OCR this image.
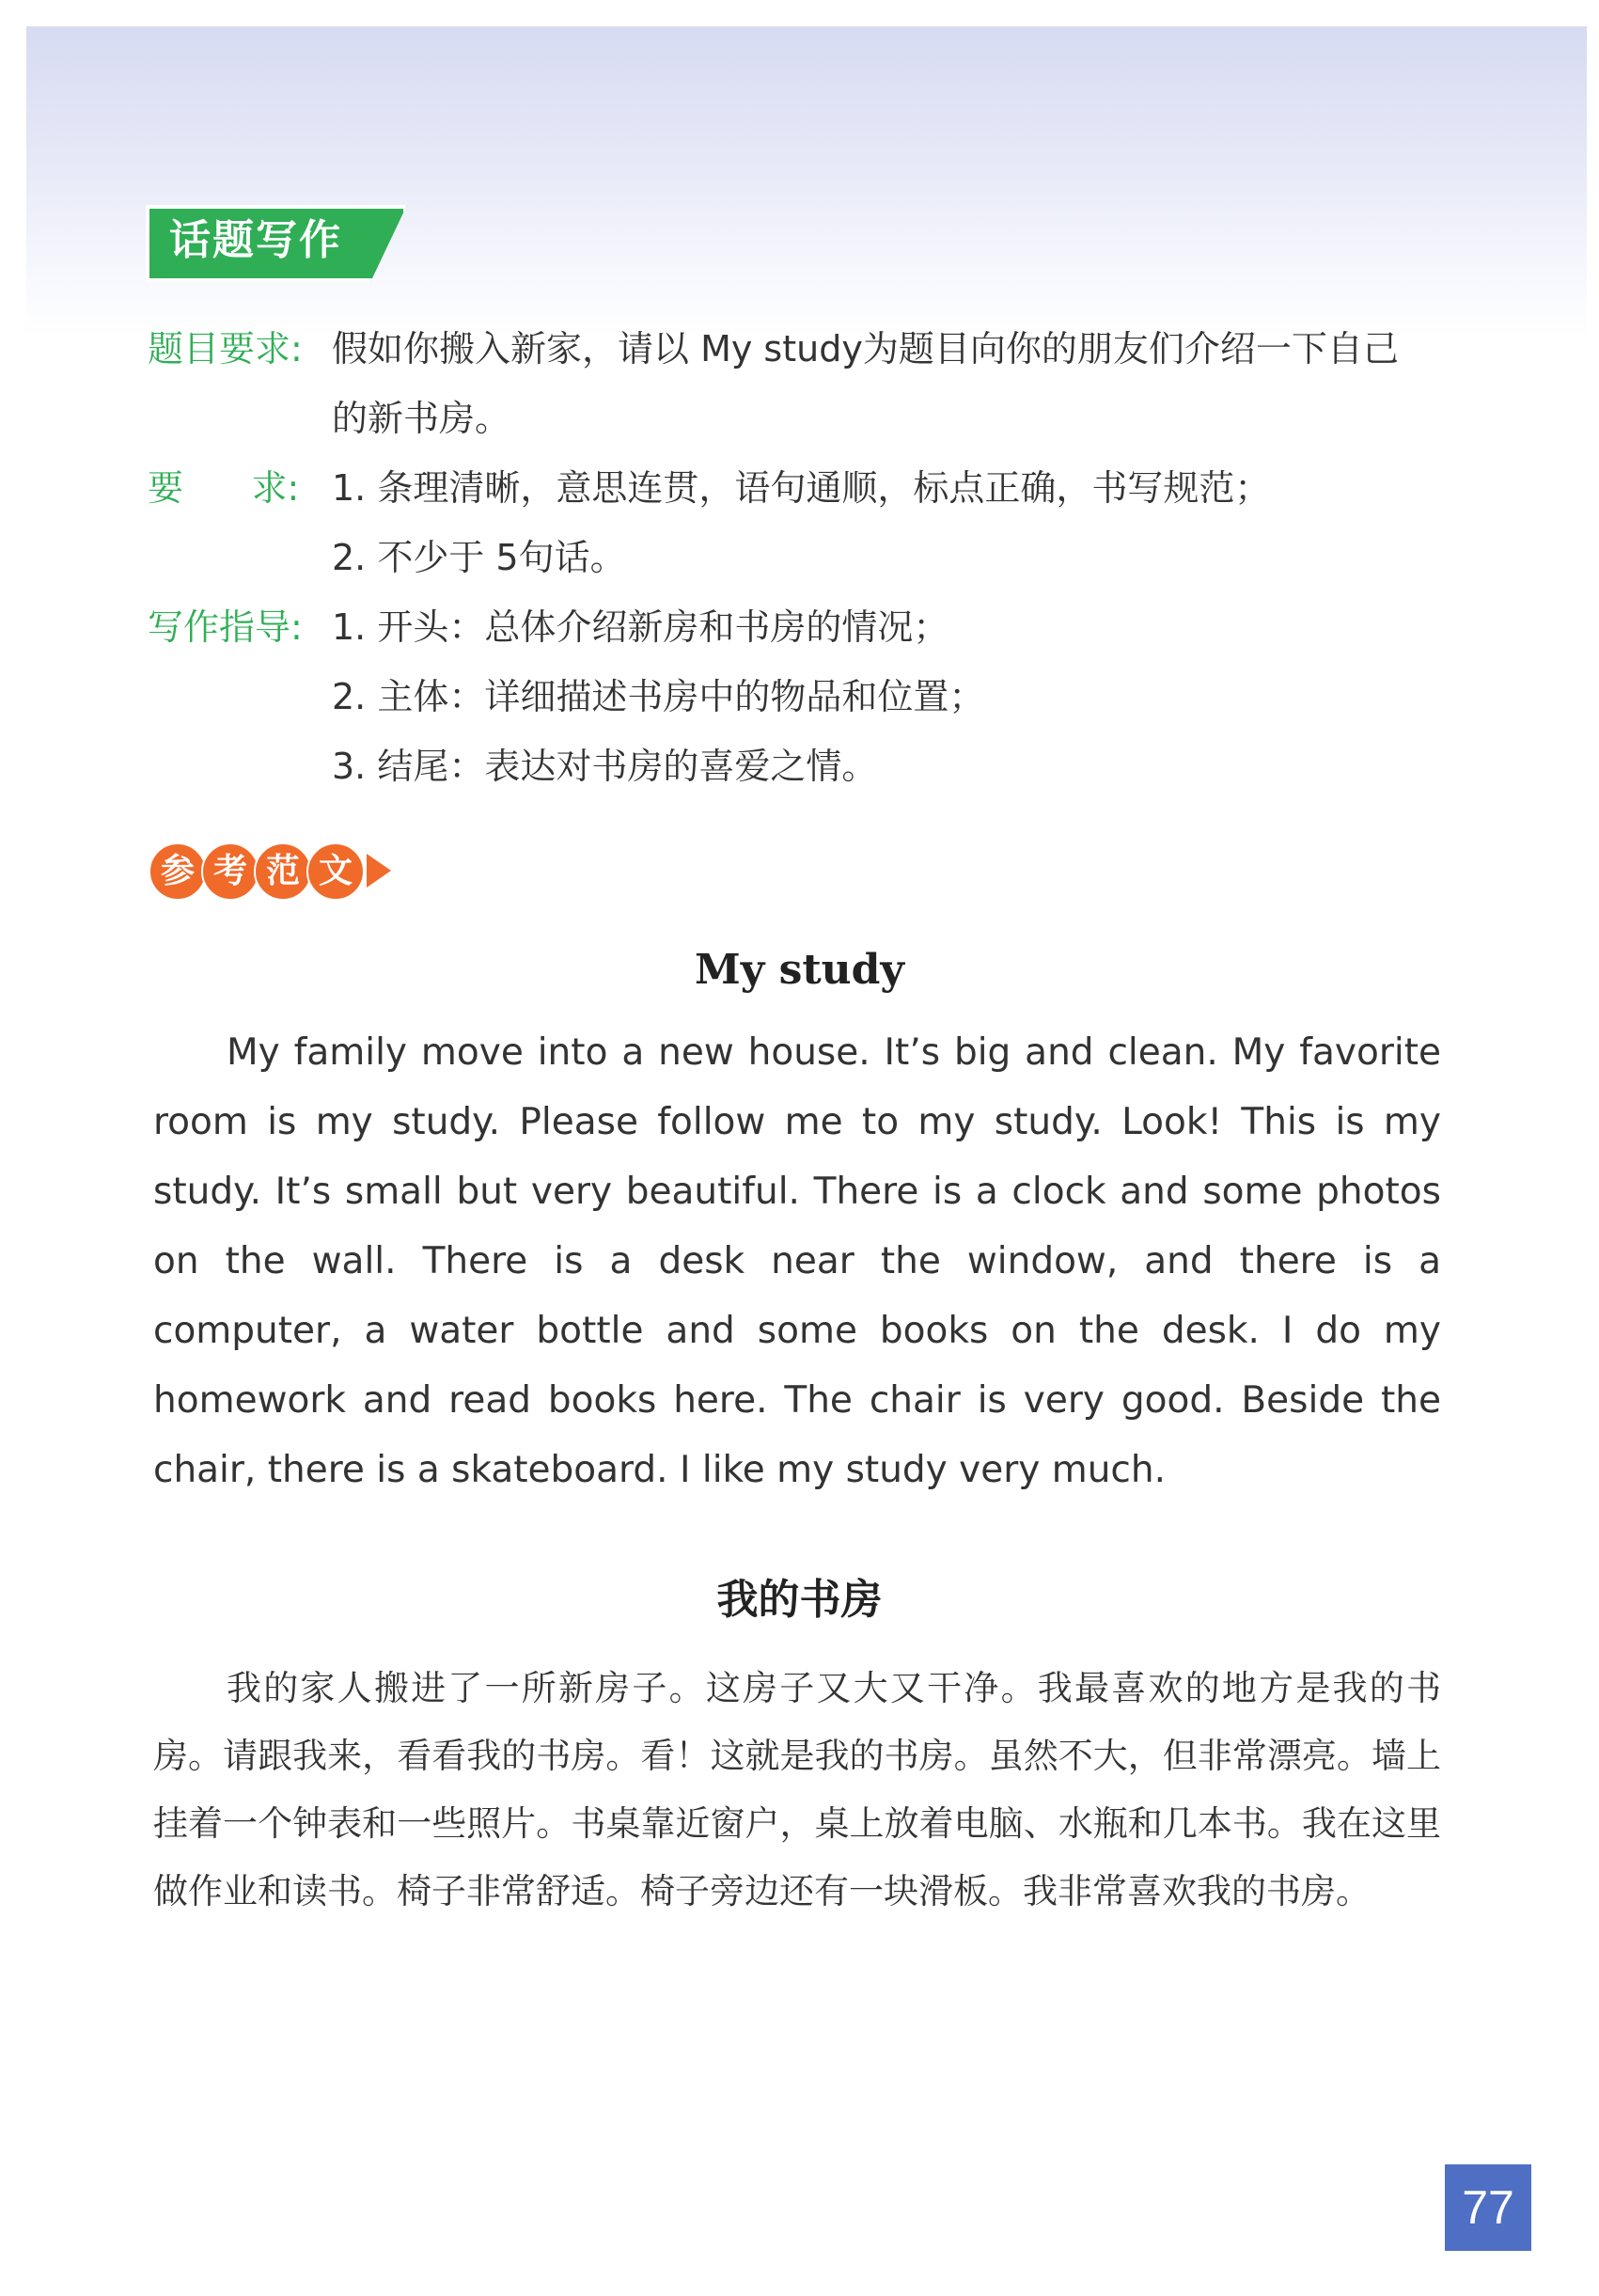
话题写作
题目要求: 假如你搬入新家，请以 My study为题目向你的朋友们介绍一下自己
的新书房。
要      求: 1. 条理清晰，意思连贯，语句通顺，标点正确，书写规范；
2. 不少于 5句话。
写作指导: 1. 开头：总体介绍新房和书房的情况；
2. 主体：详细描述书房中的物品和位置；
3. 结尾：表达对书房的喜爱之情。
参 考 范 文
My study

My family move into a new house. It’s big and clean. My favorite room is my study. Please follow me to my study. Look! This is my study. It’s small but very beautiful. There is a clock and some photos on the wall. There is a desk near the window, and there is a computer, a water bottle and some books on the desk. I do my homework and read books here. The chair is very good. Beside the chair, there is a skateboard. I like my study very much.

我的书房

我的家人搬进了一所新房子。这房子又大又干净。我最喜欢的地方是我的书房。请跟我来，看看我的书房。看！这就是我的书房。虽然不大，但非常漂亮。墙上挂着一个钟表和一些照片。书桌靠近窗户，桌上放着电脑、水瓶和几本书。我在这里做作业和读书。椅子非常舒适。椅子旁边还有一块滑板。我非常喜欢我的书房。

77
